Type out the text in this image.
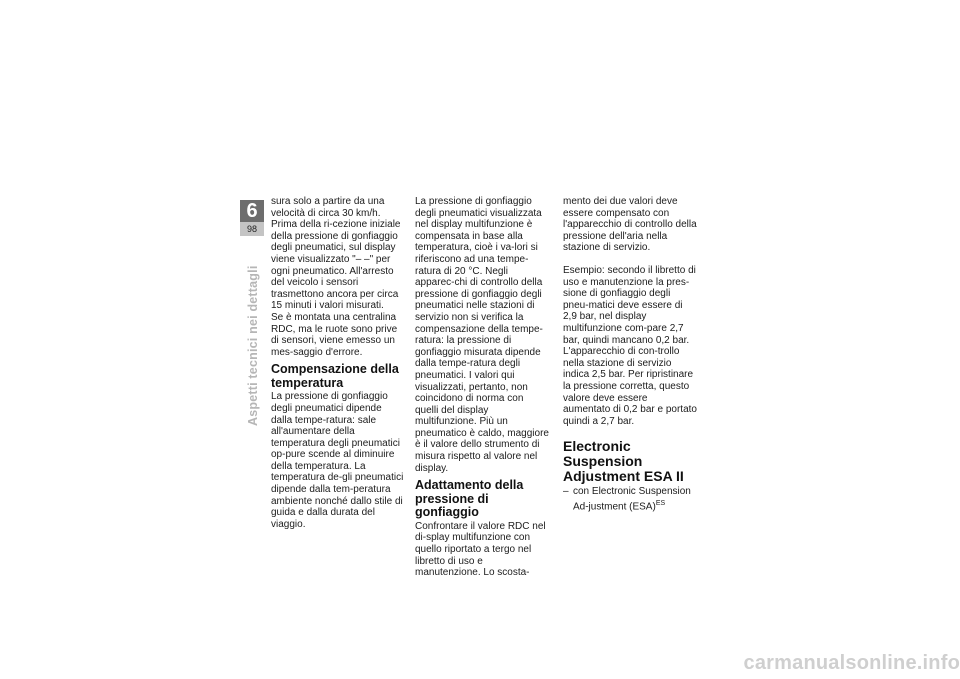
6
98
Aspetti tecnici nei dettagli

sura solo a partire da una velocità di circa 30 km/h. Prima della ri-cezione iniziale della pressione di gonfiaggio degli pneumatici, sul display viene visualizzato "– –" per ogni pneumatico. All'arresto del veicolo i sensori trasmettono ancora per circa 15 minuti i valori misurati.

Se è montata una centralina RDC, ma le ruote sono prive di sensori, viene emesso un mes-saggio d'errore.

Compensazione della temperatura

La pressione di gonfiaggio degli pneumatici dipende dalla tempe-ratura: sale all'aumentare della temperatura degli pneumatici op-pure scende al diminuire della temperatura. La temperatura de-gli pneumatici dipende dalla tem-peratura ambiente nonché dallo stile di guida e dalla durata del viaggio.

La pressione di gonfiaggio degli pneumatici visualizzata nel display multifunzione è compensata in base alla temperatura, cioè i va-lori si riferiscono ad una tempe-ratura di 20 °C. Negli apparec-chi di controllo della pressione di gonfiaggio degli pneumatici nelle stazioni di servizio non si verifica la compensazione della tempe-ratura: la pressione di gonfiaggio misurata dipende dalla tempe-ratura degli pneumatici. I valori qui visualizzati, pertanto, non coincidono di norma con quelli del display multifunzione. Più un pneumatico è caldo, maggiore è il valore dello strumento di misura rispetto al valore nel display.

Adattamento della pressione di gonfiaggio

Confrontare il valore RDC nel di-splay multifunzione con quello riportato a tergo nel libretto di uso e manutenzione. Lo scosta-

mento dei due valori deve essere compensato con l'apparecchio di controllo della pressione dell'aria nella stazione di servizio.

Esempio: secondo il libretto di uso e manutenzione la pres-sione di gonfiaggio degli pneu-matici deve essere di 2,9 bar, nel display multifunzione com-pare 2,7 bar, quindi mancano 0,2 bar. L'apparecchio di con-trollo nella stazione di servizio indica 2,5 bar. Per ripristinare la pressione corretta, questo valore deve essere aumentato di 0,2 bar e portato quindi a 2,7 bar.

Electronic Suspension Adjustment ESA II
– con Electronic Suspension Ad-justment (ESA)$^{ES}$
carmanualsonline.info
